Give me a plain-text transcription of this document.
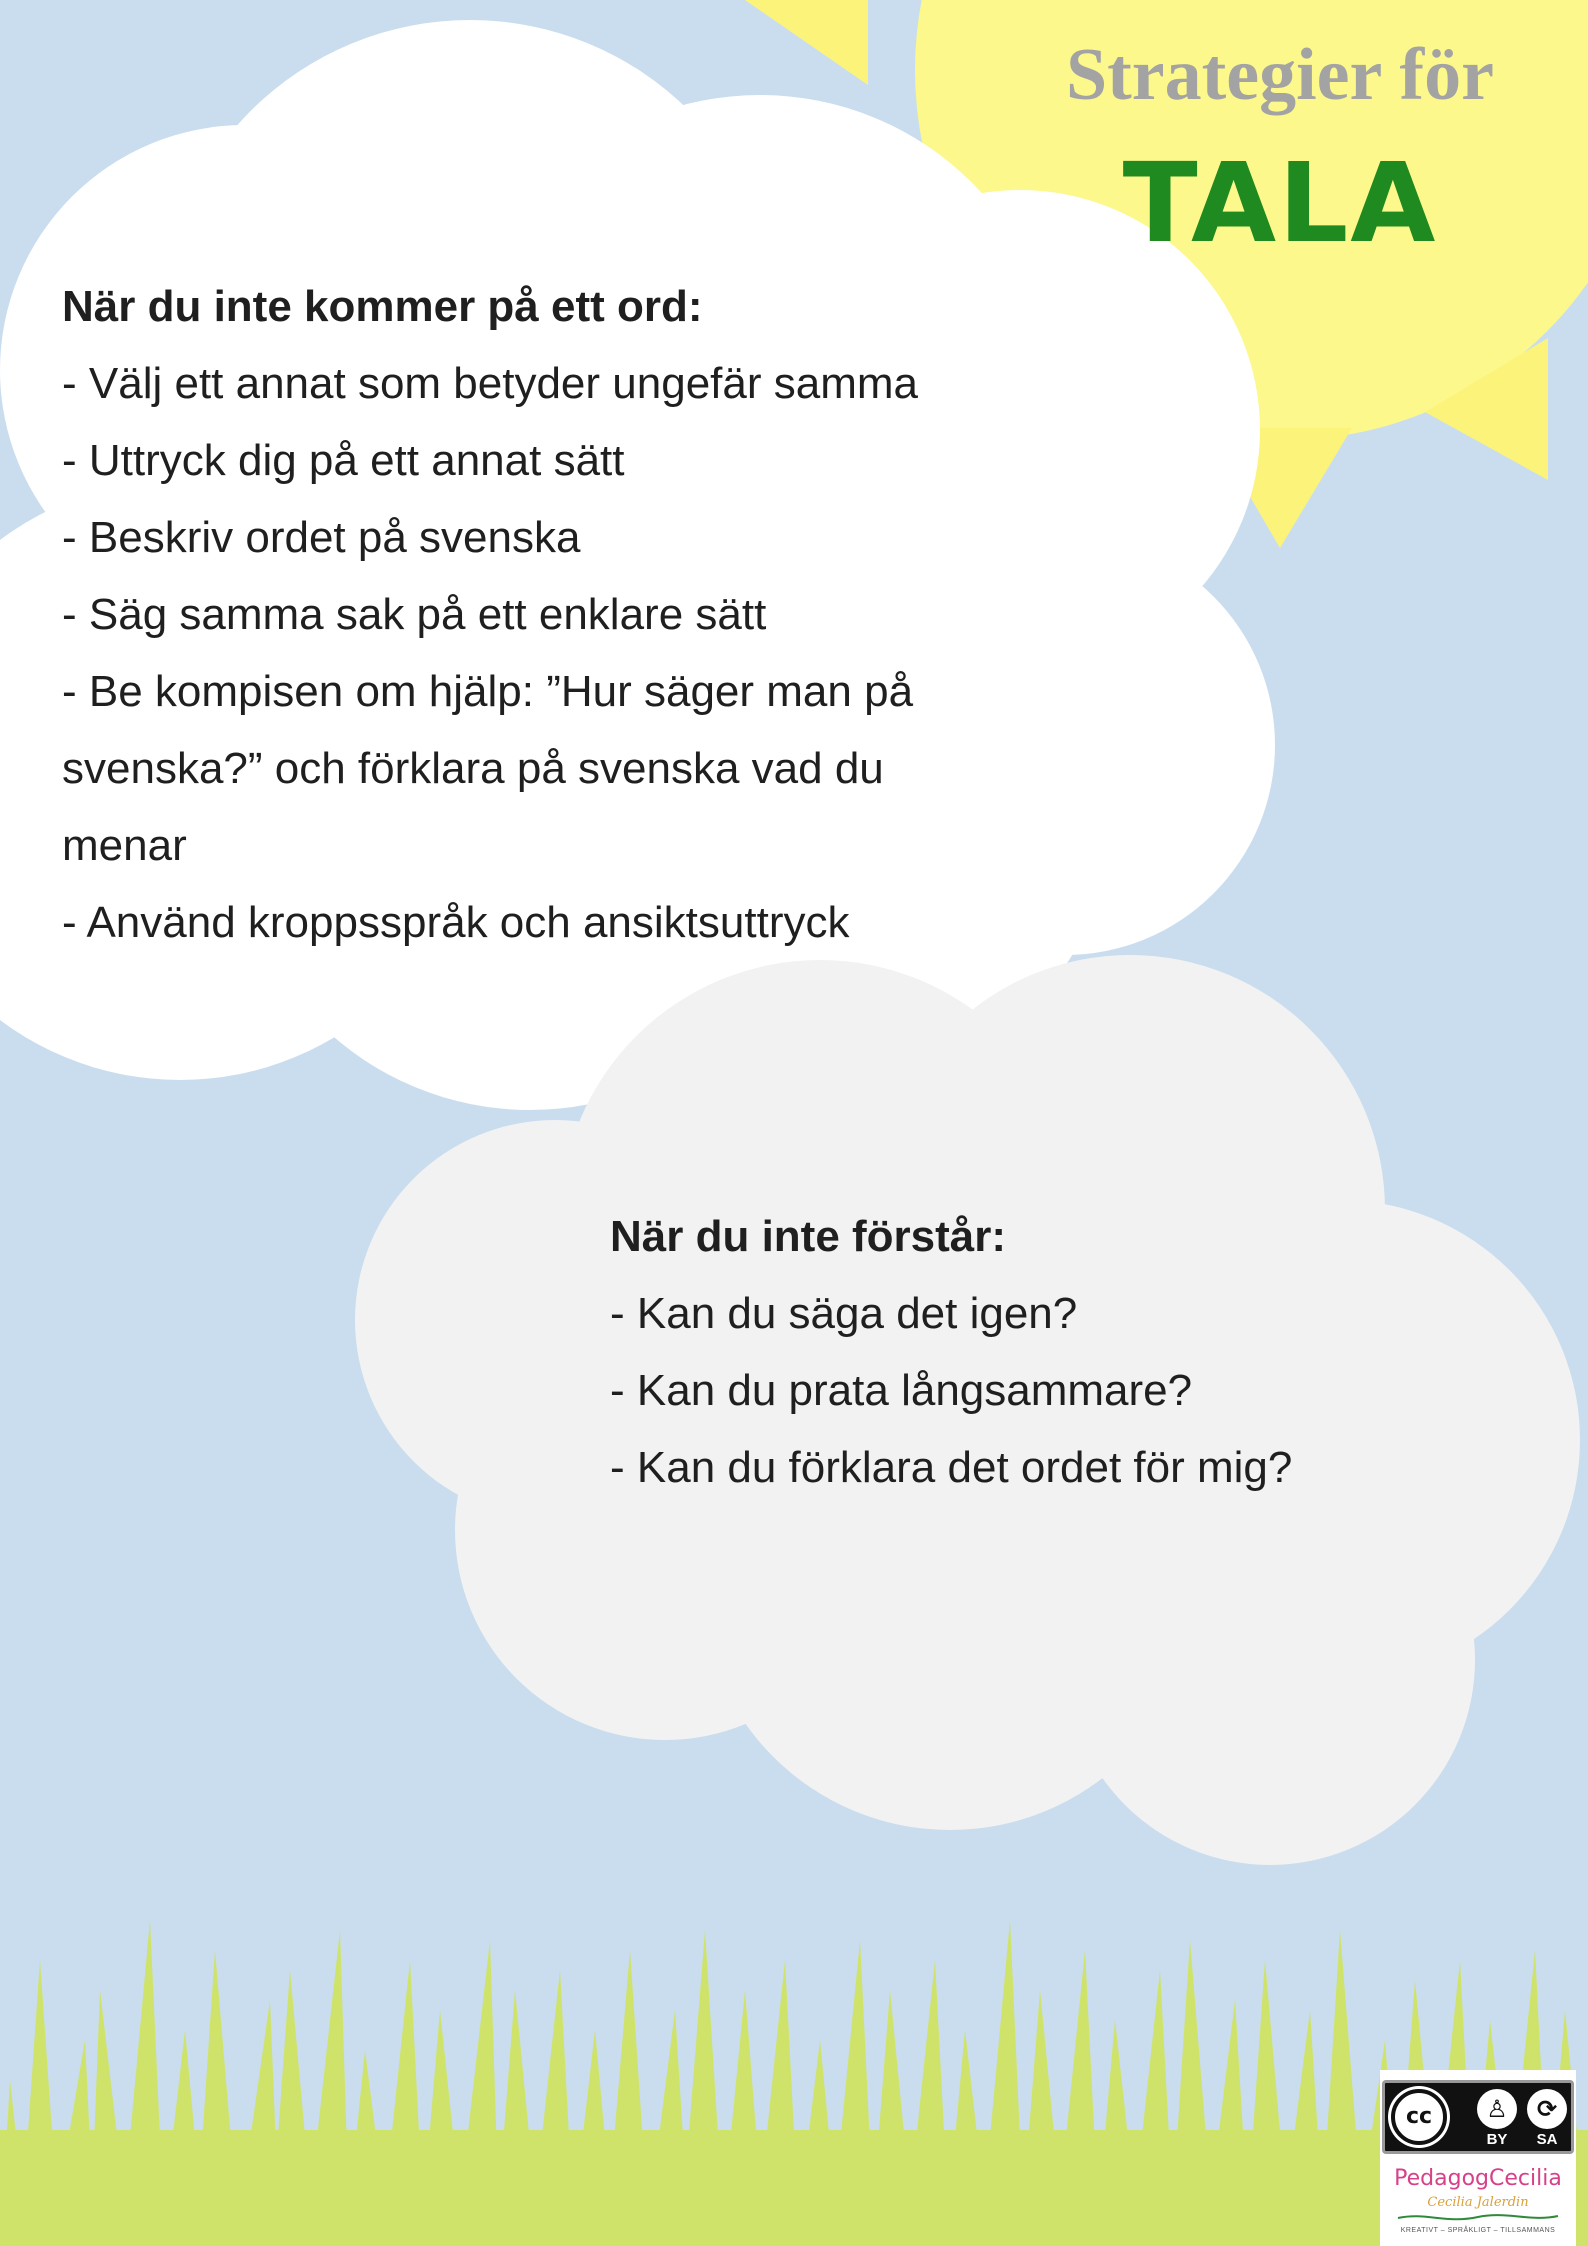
Strategier för
TALA

När du inte kommer på ett ord:

- Välj ett annat som betyder ungefär samma
- Uttryck dig på ett annat sätt
- Beskriv ordet på svenska
- Säg samma sak på ett enklare sätt
- Be kompisen om hjälp: ”Hur säger man på
svenska?” och förklara på svenska vad du
menar
- Använd kroppsspråk och ansiktsuttryck

När du inte förstår:

- Kan du säga det igen?
- Kan du prata långsammare?
- Kan du förklara det ordet för mig?
cc	♙	⟳
BY	SA
PedagogCecilia
Cecilia Jalerdin
KREATIVT – SPRÅKLIGT – TILLSAMMANS
